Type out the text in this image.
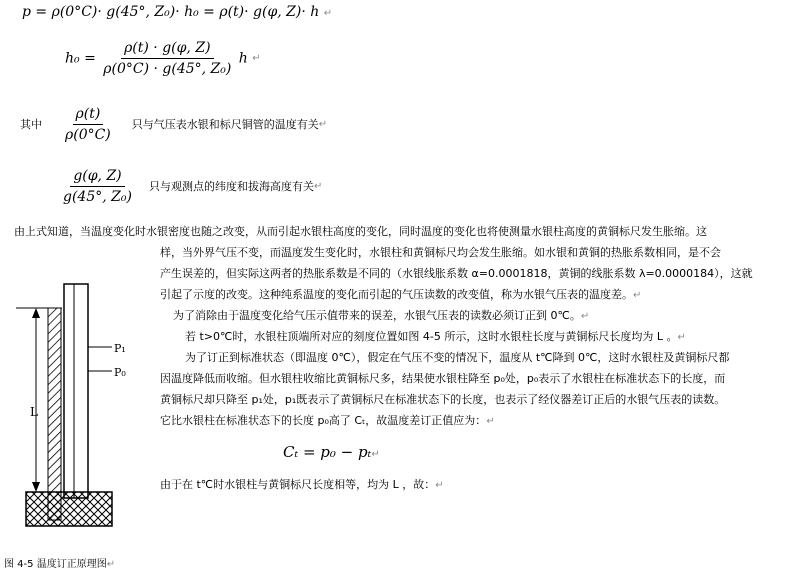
p = ρ(0°C)· g(45°, Z₀)· h₀ = ρ(t)· g(φ, Z)· h ↵
$h_0 = \frac{\rho(t) \cdot g(\varphi, Z)}{\text{ρ(0°C) · g(45°, Z₀)}}$ h ↵
其中 $\frac{\rho(t)}{\rho(0^\circ C)}$ 只与气压表水银和标尺铜管的温度有关 ↵
$\frac{g(\varphi, Z)}{\text{g(45°, Z₀)}}$ 只与观测点的纬度和拔海高度有关 ↵
由上式知道，当温度变化时水银密度也随之改变，从而引起水银柱高度的变化，同时温度的变化也将使测量水银柱高度的黄铜标尺发生胀缩。这
样，当外界气压不变，而温度发生变化时，水银柱和黄铜标尺均会发生胀缩。如水银和黄铜的热胀系数相同，是不会
产生误差的，但实际这两者的热胀系数是不同的（水银线胀系数 α=0.0001818，黄铜的线胀系数 λ=0.0000184），这就
引起了示度的改变。这种纯系温度的变化而引起的气压读数的改变值，称为水银气压表的温度差。↵
为了消除由于温度变化给气压示值带来的误差，水银气压表的读数必须订正到 0℃。↵
若 t>0℃时，水银柱顶端所对应的刻度位置如图 4-5 所示，这时水银柱长度与黄铜标尺长度均为 L 。↵
为了订正到标准状态（即温度 0℃），假定在气压不变的情况下，温度从 t℃降到 0℃，这时水银柱及黄铜标尺都
因温度降低而收缩。但水银柱收缩比黄铜标尺多，结果使水银柱降至 p₀处，p₀表示了水银柱在标准状态下的长度，而
黄铜标尺却只降至 p₁处，p₁既表示了黄铜标尺在标准状态下的长度，也表示了经仪器差订正后的水银气压表的读数。
它比水银柱在标准状态下的长度 p₀高了 Cₜ，故温度差订正值应为：↵
Cₜ = p₀ − pₜ↵
由于在 t℃时水银柱与黄铜标尺长度相等，均为 L ，故：↵
L
P₁
P₀
图 4-5 温度订正原理图↵
